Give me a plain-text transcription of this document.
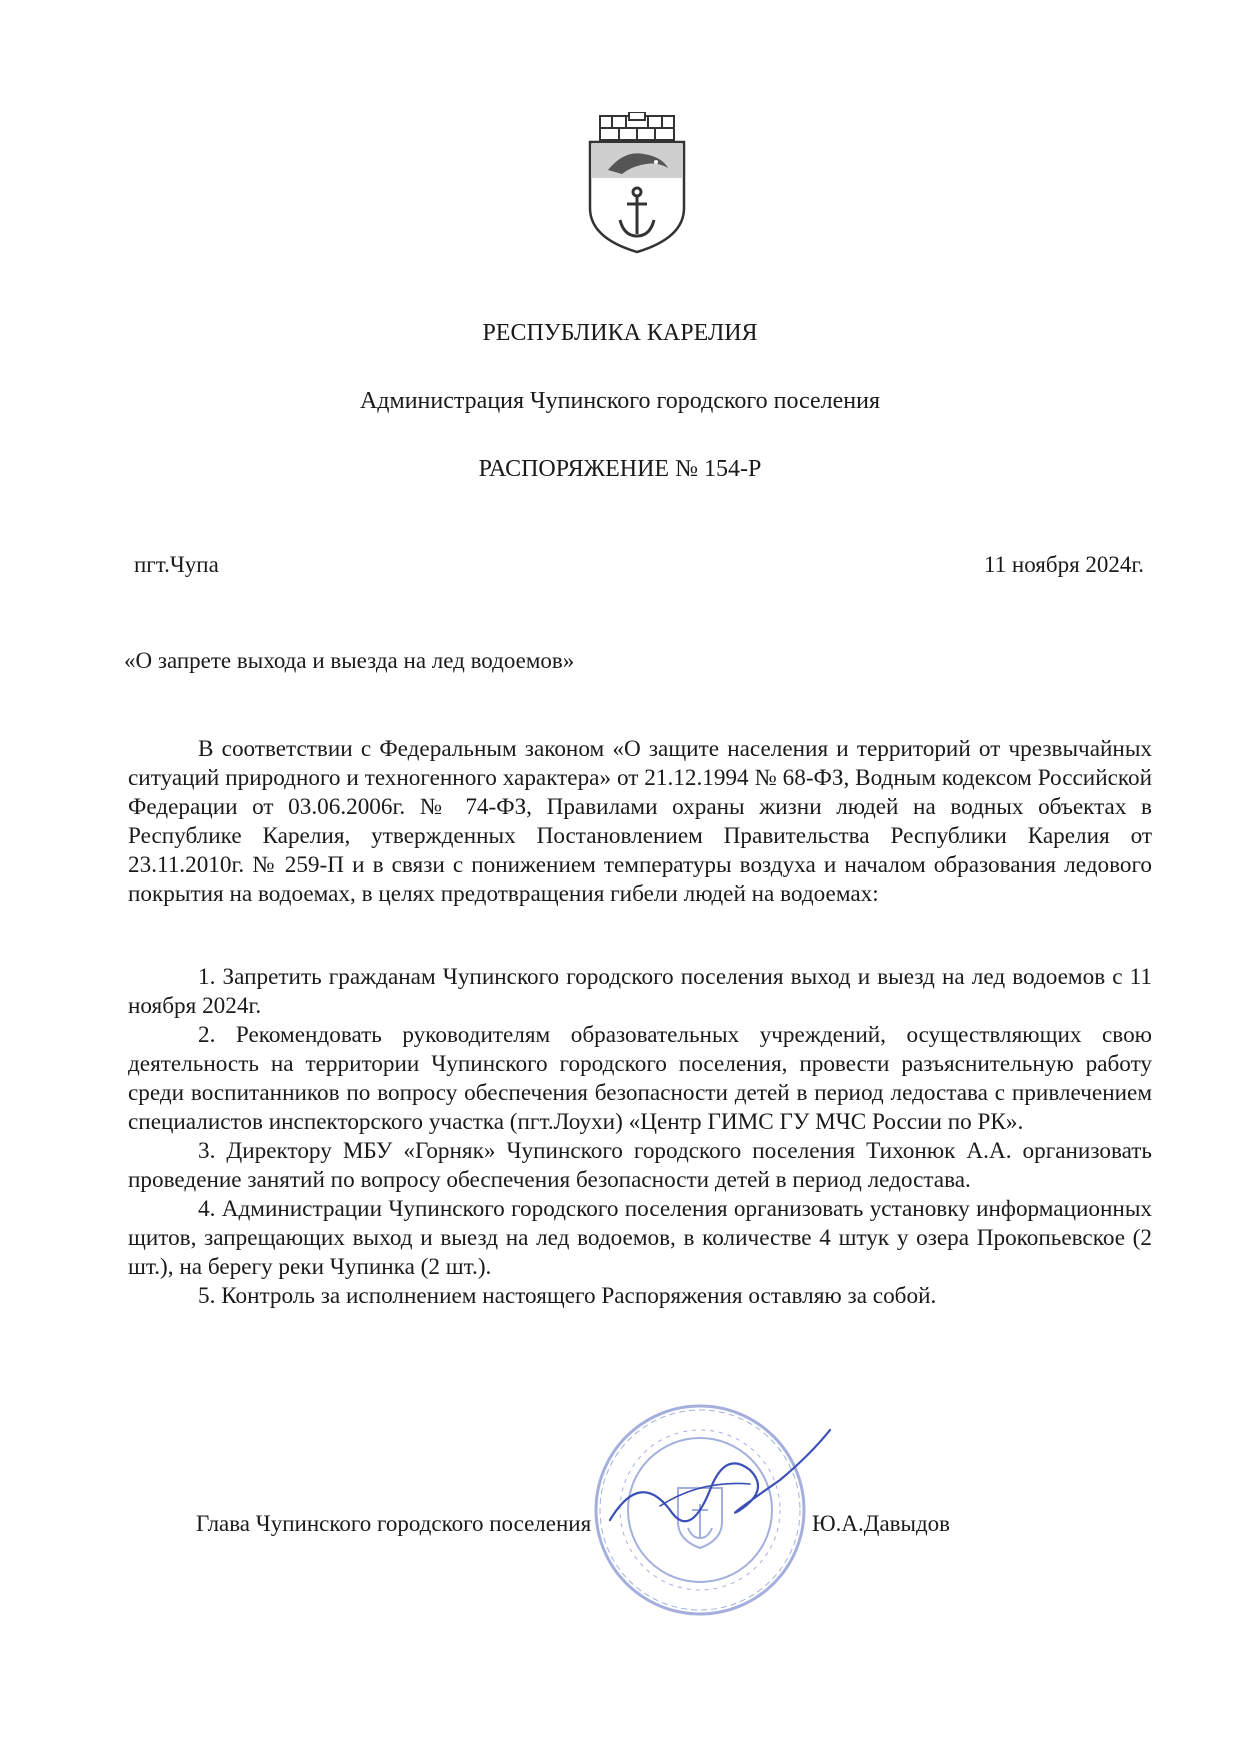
РЕСПУБЛИКА КАРЕЛИЯ
Администрация Чупинского городского поселения
РАСПОРЯЖЕНИЕ № 154-Р
пгт.Чупа	11 ноября 2024г.
«О запрете выхода и выезда на лед водоемов»
В соответствии с Федеральным законом «О защите населения и территорий от чрезвычайных ситуаций природного и техногенного характера» от 21.12.1994 № 68-ФЗ, Водным кодексом Российской Федерации от 03.06.2006г. № 74-ФЗ, Правилами охраны жизни людей на водных объектах в Республике Карелия, утвержденных Постановлением Правительства Республики Карелия от 23.11.2010г. № 259-П и в связи с понижением температуры воздуха и началом образования ледового покрытия на водоемах, в целях предотвращения гибели людей на водоемах:

1. Запретить гражданам Чупинского городского поселения выход и выезд на лед водоемов с 11 ноября 2024г.

2. Рекомендовать руководителям образовательных учреждений, осуществляющих свою деятельность на территории Чупинского городского поселения, провести разъяснительную работу среди воспитанников по вопросу обеспечения безопасности детей в период ледостава с привлечением специалистов инспекторского участка (пгт.Лоухи) «Центр ГИМС ГУ МЧС России по РК».

3. Директору МБУ «Горняк» Чупинского городского поселения Тихонюк А.А. организовать проведение занятий по вопросу обеспечения безопасности детей в период ледостава.

4. Администрации Чупинского городского поселения организовать установку информационных щитов, запрещающих выход и выезд на лед водоемов, в количестве 4 штук у озера Прокопьевское (2 шт.), на берегу реки Чупинка (2 шт.).

5. Контроль за исполнением настоящего Распоряжения оставляю за собой.

Глава Чупинского городского поселения	Ю.А.Давыдов
